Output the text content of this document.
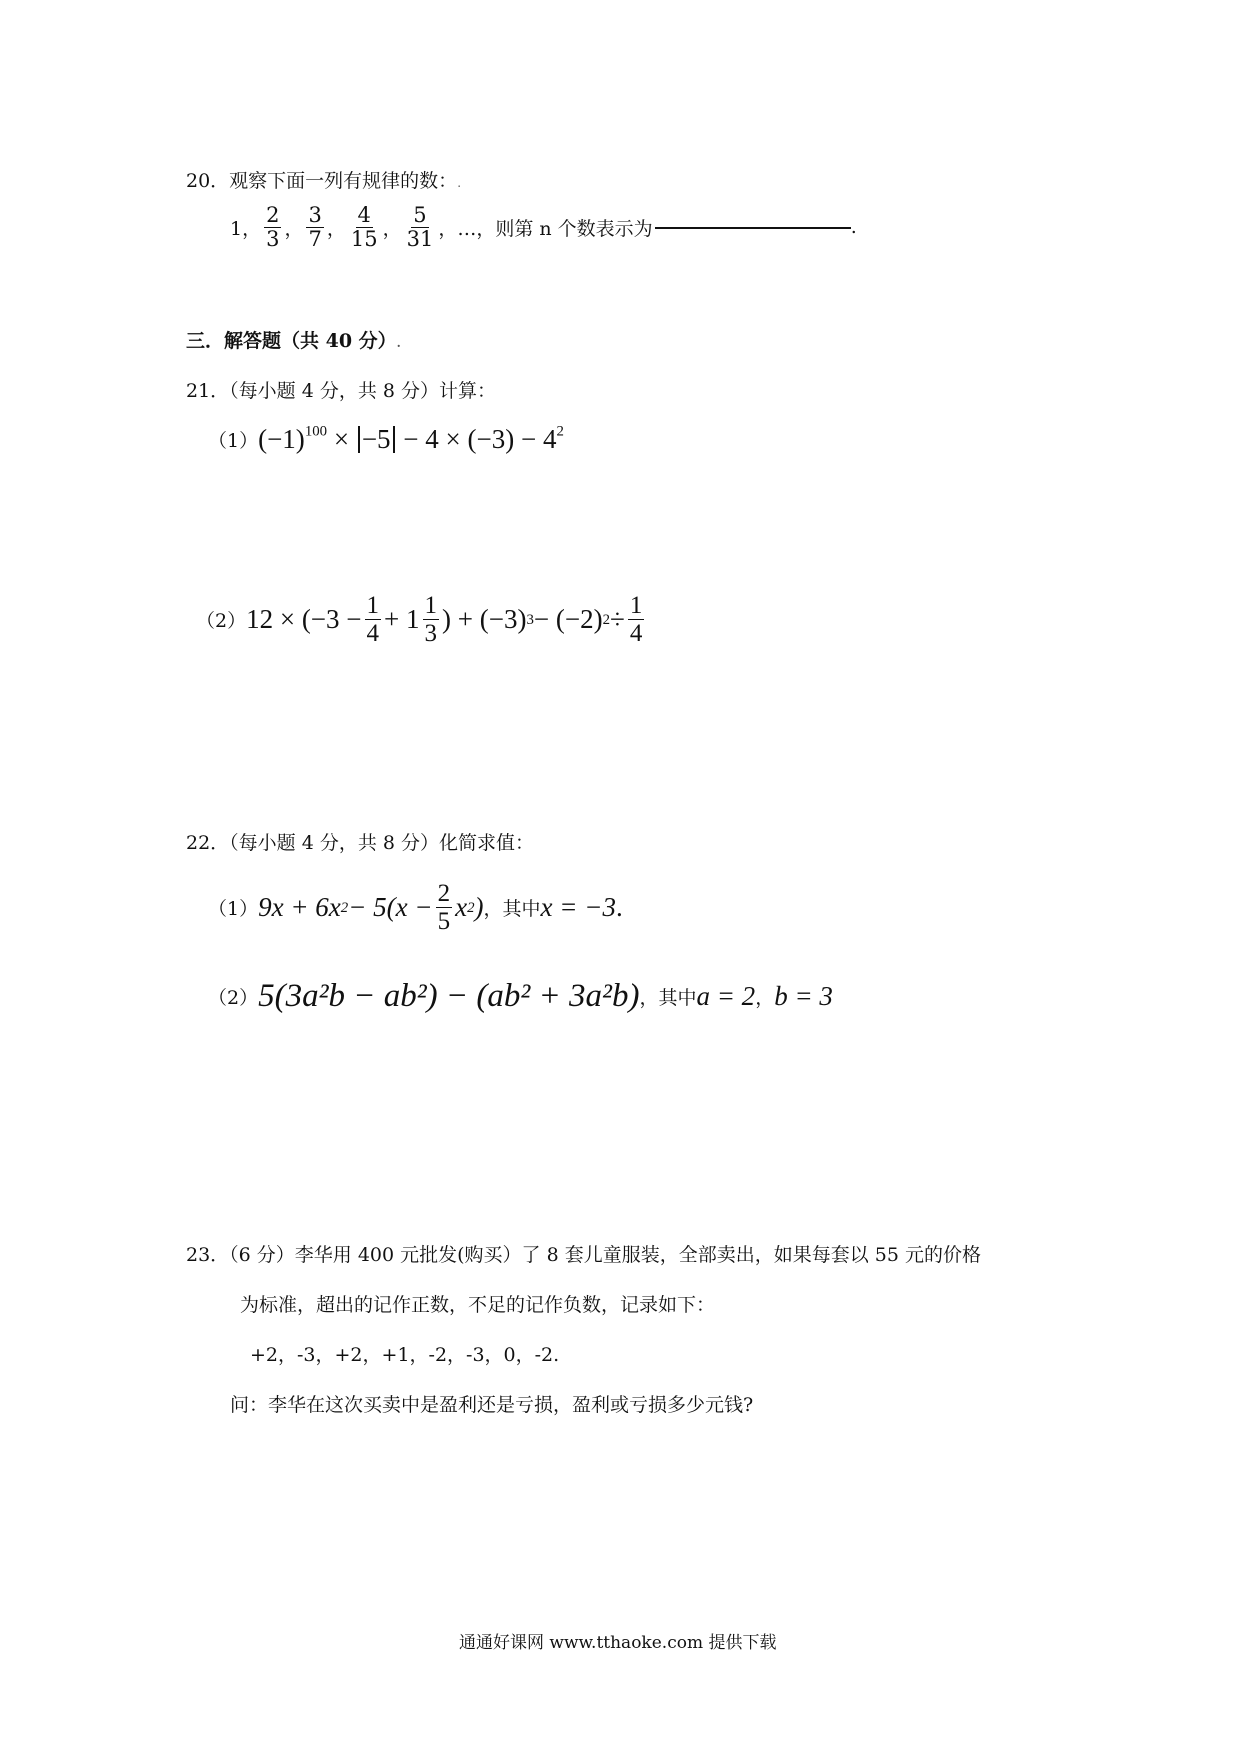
20．观察下面一列有规律的数：.
1， $\frac{2}{3}$ ， $\frac{3}{7}$ ， $\frac{4}{15}$ ， $\frac{5}{31}$ ，…，则第 n 个数表示为	.
三．解答题（共 40 分）.
21．（每小题 4 分，共 8 分）计算：
（1） $(-1)^{100} \times -5 - 4 \times (-3) - 4^2$
（2） $12 \times (-3 - \frac{1}{4} + 1 \frac{1}{3}$ ) + (−3) 3 − (−2) $2 \div \frac{1}{4}$
22．（每小题 4 分，共 8 分）化简求值：
（1） 9x + 6x $2 - 5(x - \frac{2}{5}$ x 2 ) ，其中 x = −3 .
（2） 5(3a²b − ab²) − (ab² + 3a²b) ，其中 a = 2 ， b = 3
23．（6 分）李华用 400 元批发(购买）了 8 套儿童服装，全部卖出，如果每套以 55 元的价格
为标准，超出的记作正数，不足的记作负数，记录如下：
+2，-3，+2，+1，-2，-3，0，-2.
问：李华在这次买卖中是盈利还是亏损，盈利或亏损多少元钱?
通通好课网 www.tthaoke.com 提供下载
